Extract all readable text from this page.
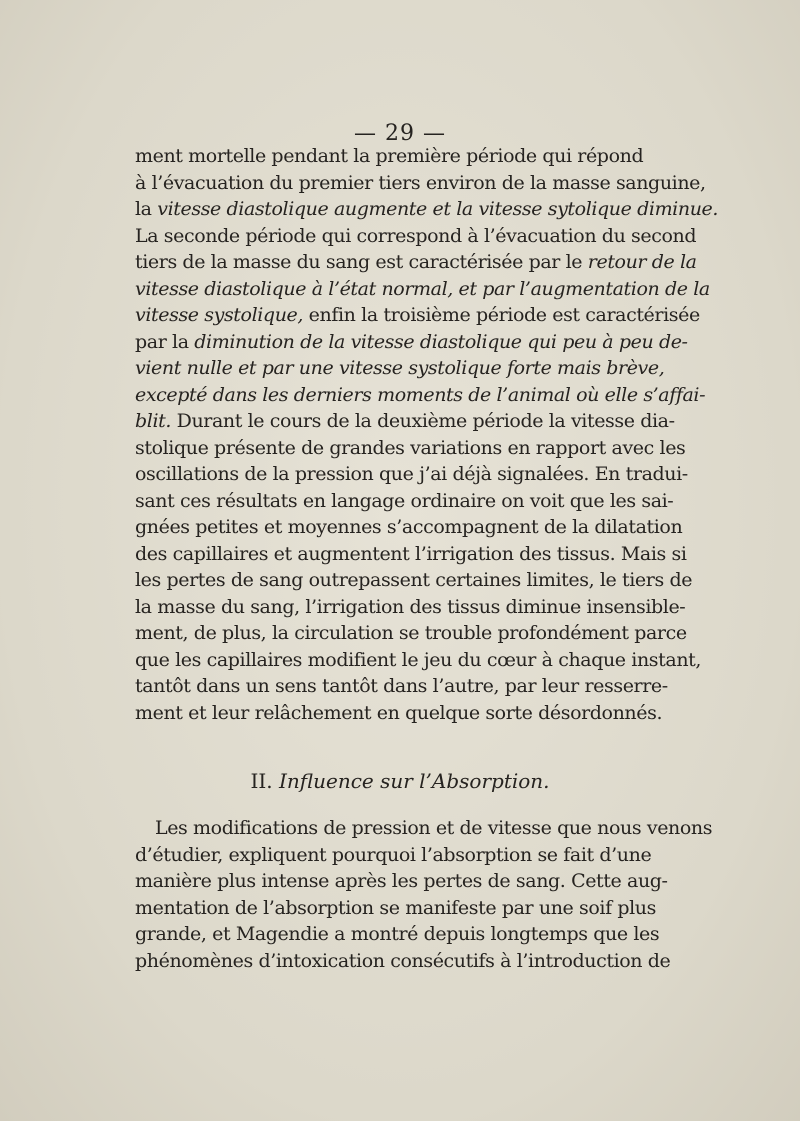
— 29 —
ment mortelle pendant la première période qui répond
à l’évacuation du premier tiers environ de la masse sanguine,
la vitesse diastolique augmente et la vitesse sytolique diminue.
La seconde période qui correspond à l’évacuation du second
tiers de la masse du sang est caractérisée par le retour de la
vitesse diastolique à l’état normal, et par l’augmentation de la
vitesse systolique, enfin la troisième période est caractérisée
par la diminution de la vitesse diastolique qui peu à peu de-
vient nulle et par une vitesse systolique forte mais brève,
excepté dans les derniers moments de l’animal où elle s’affai-
blit. Durant le cours de la deuxième période la vitesse dia-
stolique présente de grandes variations en rapport avec les
oscillations de la pression que j’ai déjà signalées. En tradui-
sant ces résultats en langage ordinaire on voit que les sai-
gnées petites et moyennes s’accompagnent de la dilatation
des capillaires et augmentent l’irrigation des tissus. Mais si
les pertes de sang outrepassent certaines limites, le tiers de
la masse du sang, l’irrigation des tissus diminue insensible-
ment, de plus, la circulation se trouble profondément parce
que les capillaires modifient le jeu du cœur à chaque instant,
tantôt dans un sens tantôt dans l’autre, par leur resserre-
ment et leur relâchement en quelque sorte désordonnés.
II. Influence sur l’Absorption.
Les modifications de pression et de vitesse que nous venons
d’étudier, expliquent pourquoi l’absorption se fait d’une
manière plus intense après les pertes de sang. Cette aug-
mentation de l’absorption se manifeste par une soif plus
grande, et Magendie a montré depuis longtemps que les
phénomènes d’intoxication consécutifs à l’introduction de
